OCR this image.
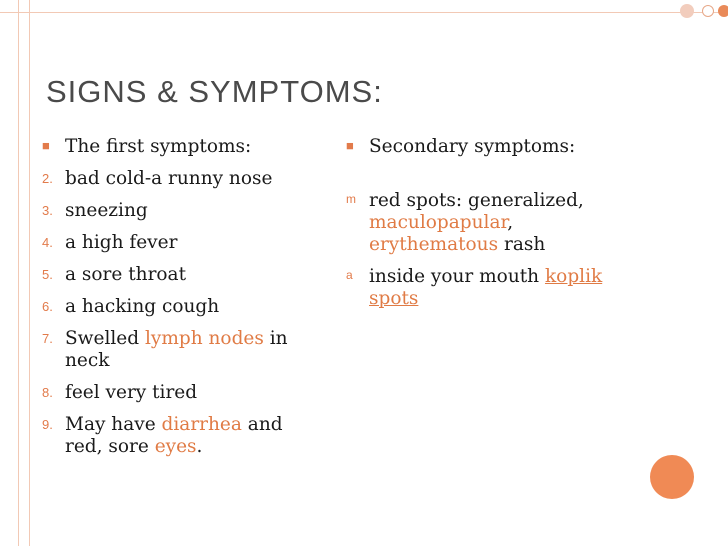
SIGNS & SYMPTOMS:
■ The first symptoms:
2. bad cold-a runny nose
3. sneezing
4. a high fever
5. a sore throat
6. a hacking cough
7. Swelled lymph nodes in neck
8. feel very tired
9. May have diarrhea and red, sore eyes.
■ Secondary symptoms:
m red spots: generalized, maculopapular, erythematous rash
a inside your mouth koplik spots
